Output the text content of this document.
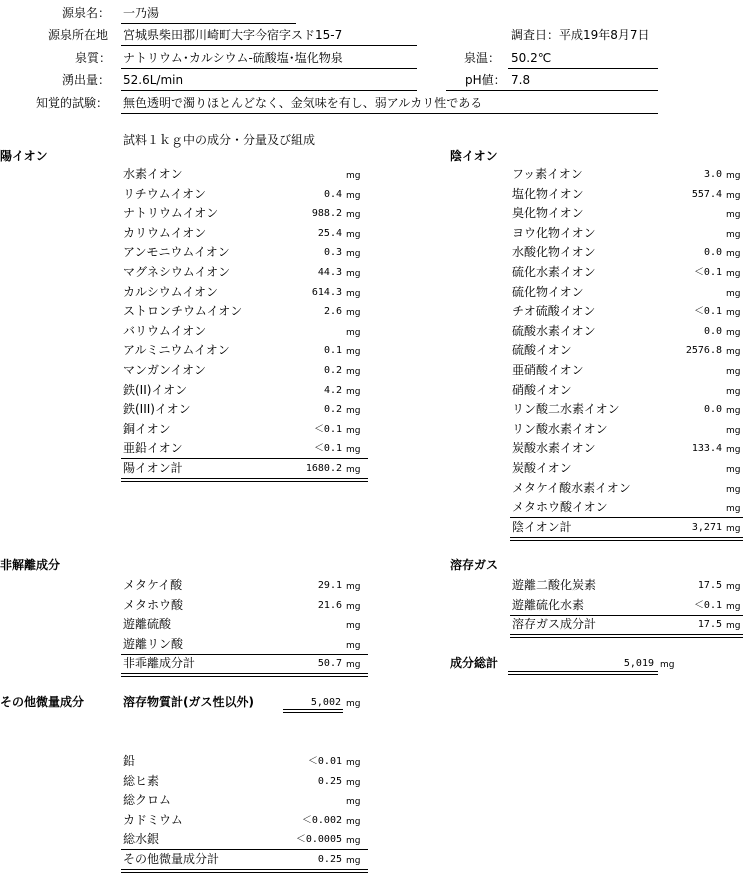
源泉名： 一乃湯
源泉所在地 宮城県柴田郡川崎町大字今宿字スド15-7	調査日：平成19年8月7日
泉質： ナトリウム･カルシウム-硫酸塩･塩化物泉	泉温： 50.2℃
湧出量： 52.6L/min	pH値： 7.8
知覚的試験： 無色透明で濁りほとんどなく、金気味を有し、弱アルカリ性である
試料１ｋｇ中の成分・分量及び組成
陽イオン	陰イオン
水素イオン	mg
リチウムイオン	0.4 mg
ナトリウムイオン	988.2 mg
カリウムイオン	25.4 mg
アンモニウムイオン	0.3 mg
マグネシウムイオン	44.3 mg
カルシウムイオン	614.3 mg
ストロンチウムイオン	2.6 mg
バリウムイオン	mg
アルミニウムイオン	0.1 mg
マンガンイオン	0.2 mg
鉄(II)イオン	4.2 mg
鉄(III)イオン	0.2 mg
銅イオン	＜0.1 mg
亜鉛イオン	＜0.1 mg
陽イオン計	1680.2 mg
フッ素イオン	3.0 mg
塩化物イオン	557.4 mg
臭化物イオン	mg
ヨウ化物イオン	mg
水酸化物イオン	0.0 mg
硫化水素イオン	＜0.1 mg
硫化物イオン	mg
チオ硫酸イオン	＜0.1 mg
硫酸水素イオン	0.0 mg
硫酸イオン	2576.8 mg
亜硝酸イオン	mg
硝酸イオン	mg
リン酸二水素イオン	0.0 mg
リン酸水素イオン	mg
炭酸水素イオン	133.4 mg
炭酸イオン	mg
メタケイ酸水素イオン	mg
メタホウ酸イオン	mg
陰イオン計	3,271 mg
非解離成分
メタケイ酸	29.1 mg
メタホウ酸	21.6 mg
遊離硫酸	mg
遊離リン酸	mg
非乖離成分計	50.7 mg
溶存ガス
遊離二酸化炭素	17.5 mg
遊離硫化水素	＜0.1 mg
溶存ガス成分計	17.5 mg
成分総計	5,019 mg
その他微量成分	溶存物質計(ガス性以外)	5,002 mg
鉛	＜0.01 mg
総ヒ素	0.25 mg
総クロム	mg
カドミウム	＜0.002 mg
総水銀	＜0.0005 mg
その他微量成分計	0.25 mg
